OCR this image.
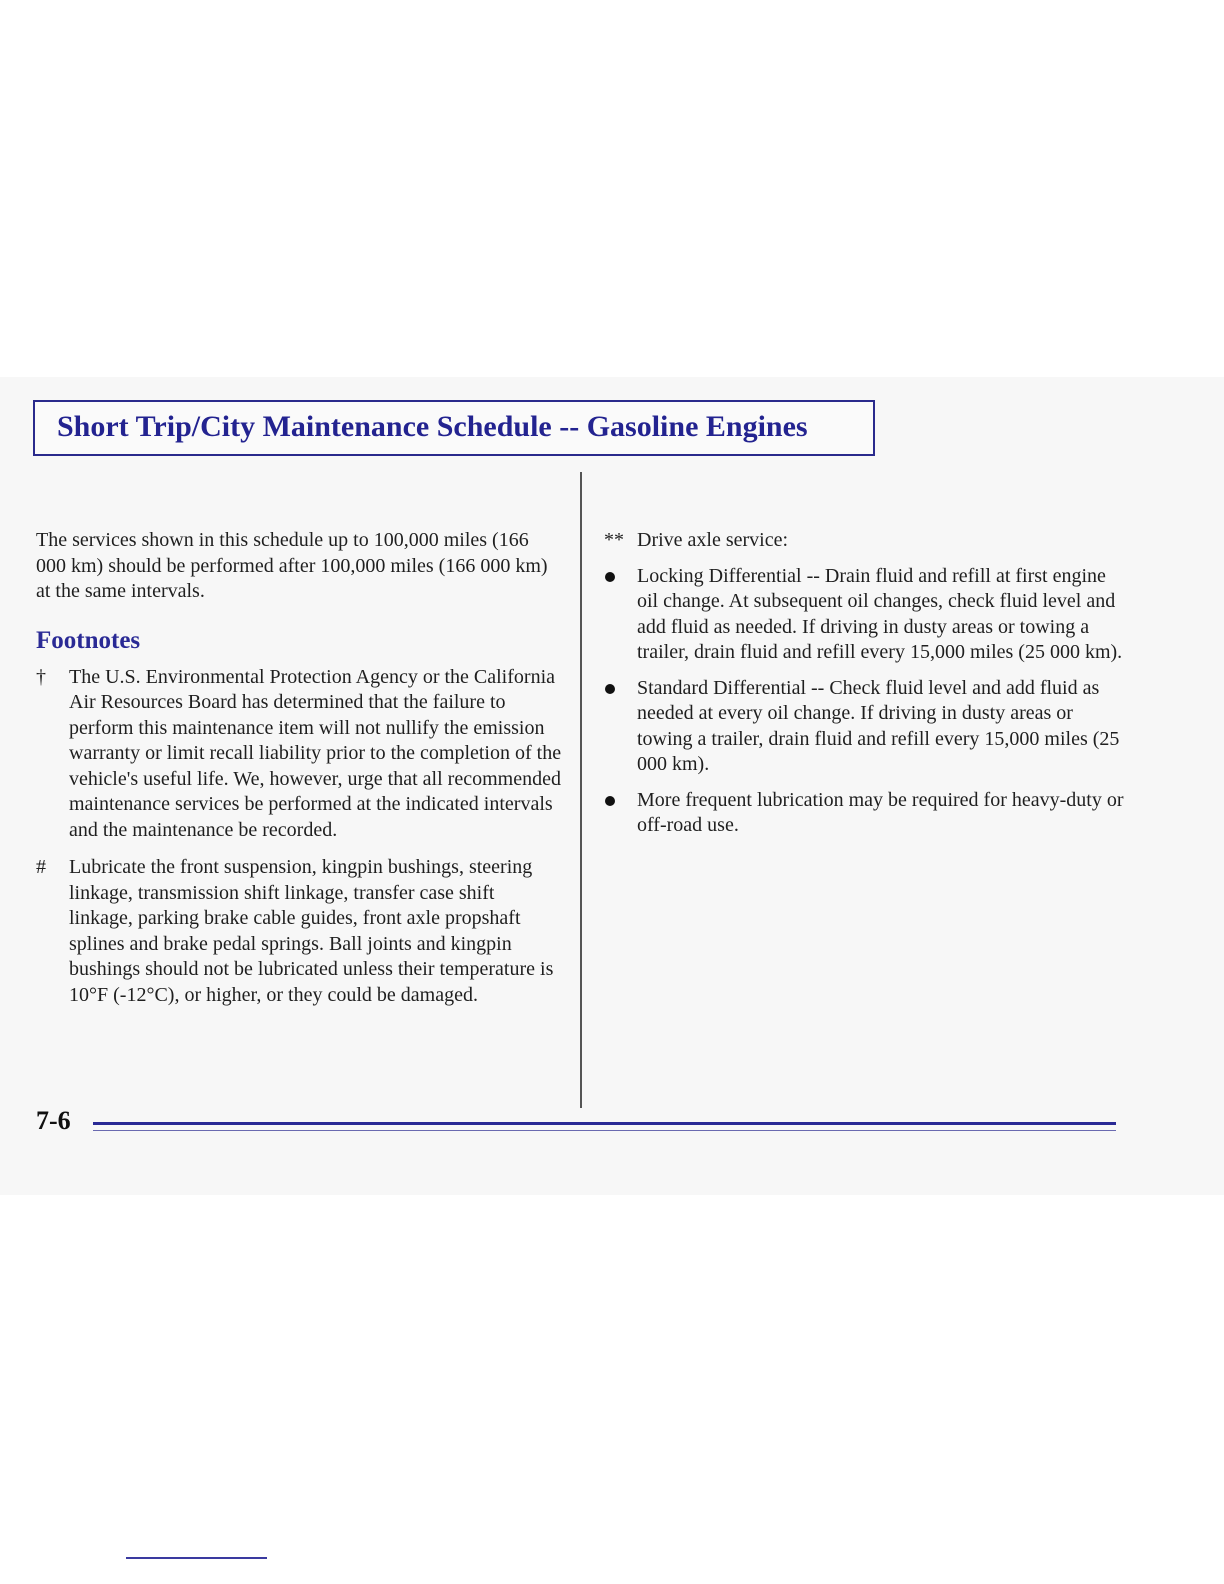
Short Trip/City Maintenance Schedule -- Gasoline Engines

The services shown in this schedule up to 100,000 miles (166 000 km) should be performed after 100,000 miles (166 000 km) at the same intervals.

Footnotes
†	The U.S. Environmental Protection Agency or the California Air Resources Board has determined that the failure to perform this maintenance item will not nullify the emission warranty or limit recall liability prior to the completion of the vehicle's useful life. We, however, urge that all recommended maintenance services be performed at the indicated intervals and the maintenance be recorded.

#	Lubricate the front suspension, kingpin bushings, steering linkage, transmission shift linkage, transfer case shift linkage, parking brake cable guides, front axle propshaft splines and brake pedal springs. Ball joints and kingpin bushings should not be lubricated unless their temperature is 10°F (-12°C), or higher, or they could be damaged.

** Drive axle service:

Locking Differential -- Drain fluid and refill at first engine oil change. At subsequent oil changes, check fluid level and add fluid as needed. If driving in dusty areas or towing a trailer, drain fluid and refill every 15,000 miles (25 000 km).

Standard Differential -- Check fluid level and add fluid as needed at every oil change. If driving in dusty areas or towing a trailer, drain fluid and refill every 15,000 miles (25 000 km).

More frequent lubrication may be required for heavy-duty or off-road use.

7-6
